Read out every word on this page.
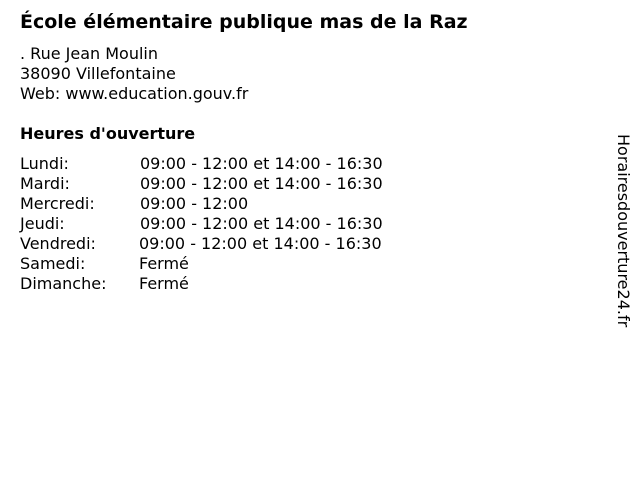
École élémentaire publique mas de la Raz
. Rue Jean Moulin
38090 Villefontaine
Web: www.education.gouv.fr
Heures d'ouverture
Lundi:	09:00 - 12:00 et 14:00 - 16:30
Mardi:	09:00 - 12:00 et 14:00 - 16:30
Mercredi:	09:00 - 12:00
Jeudi:	09:00 - 12:00 et 14:00 - 16:30
Vendredi:	09:00 - 12:00 et 14:00 - 16:30
Samedi:	Fermé
Dimanche: Fermé	Horairesdouverture24.fr
